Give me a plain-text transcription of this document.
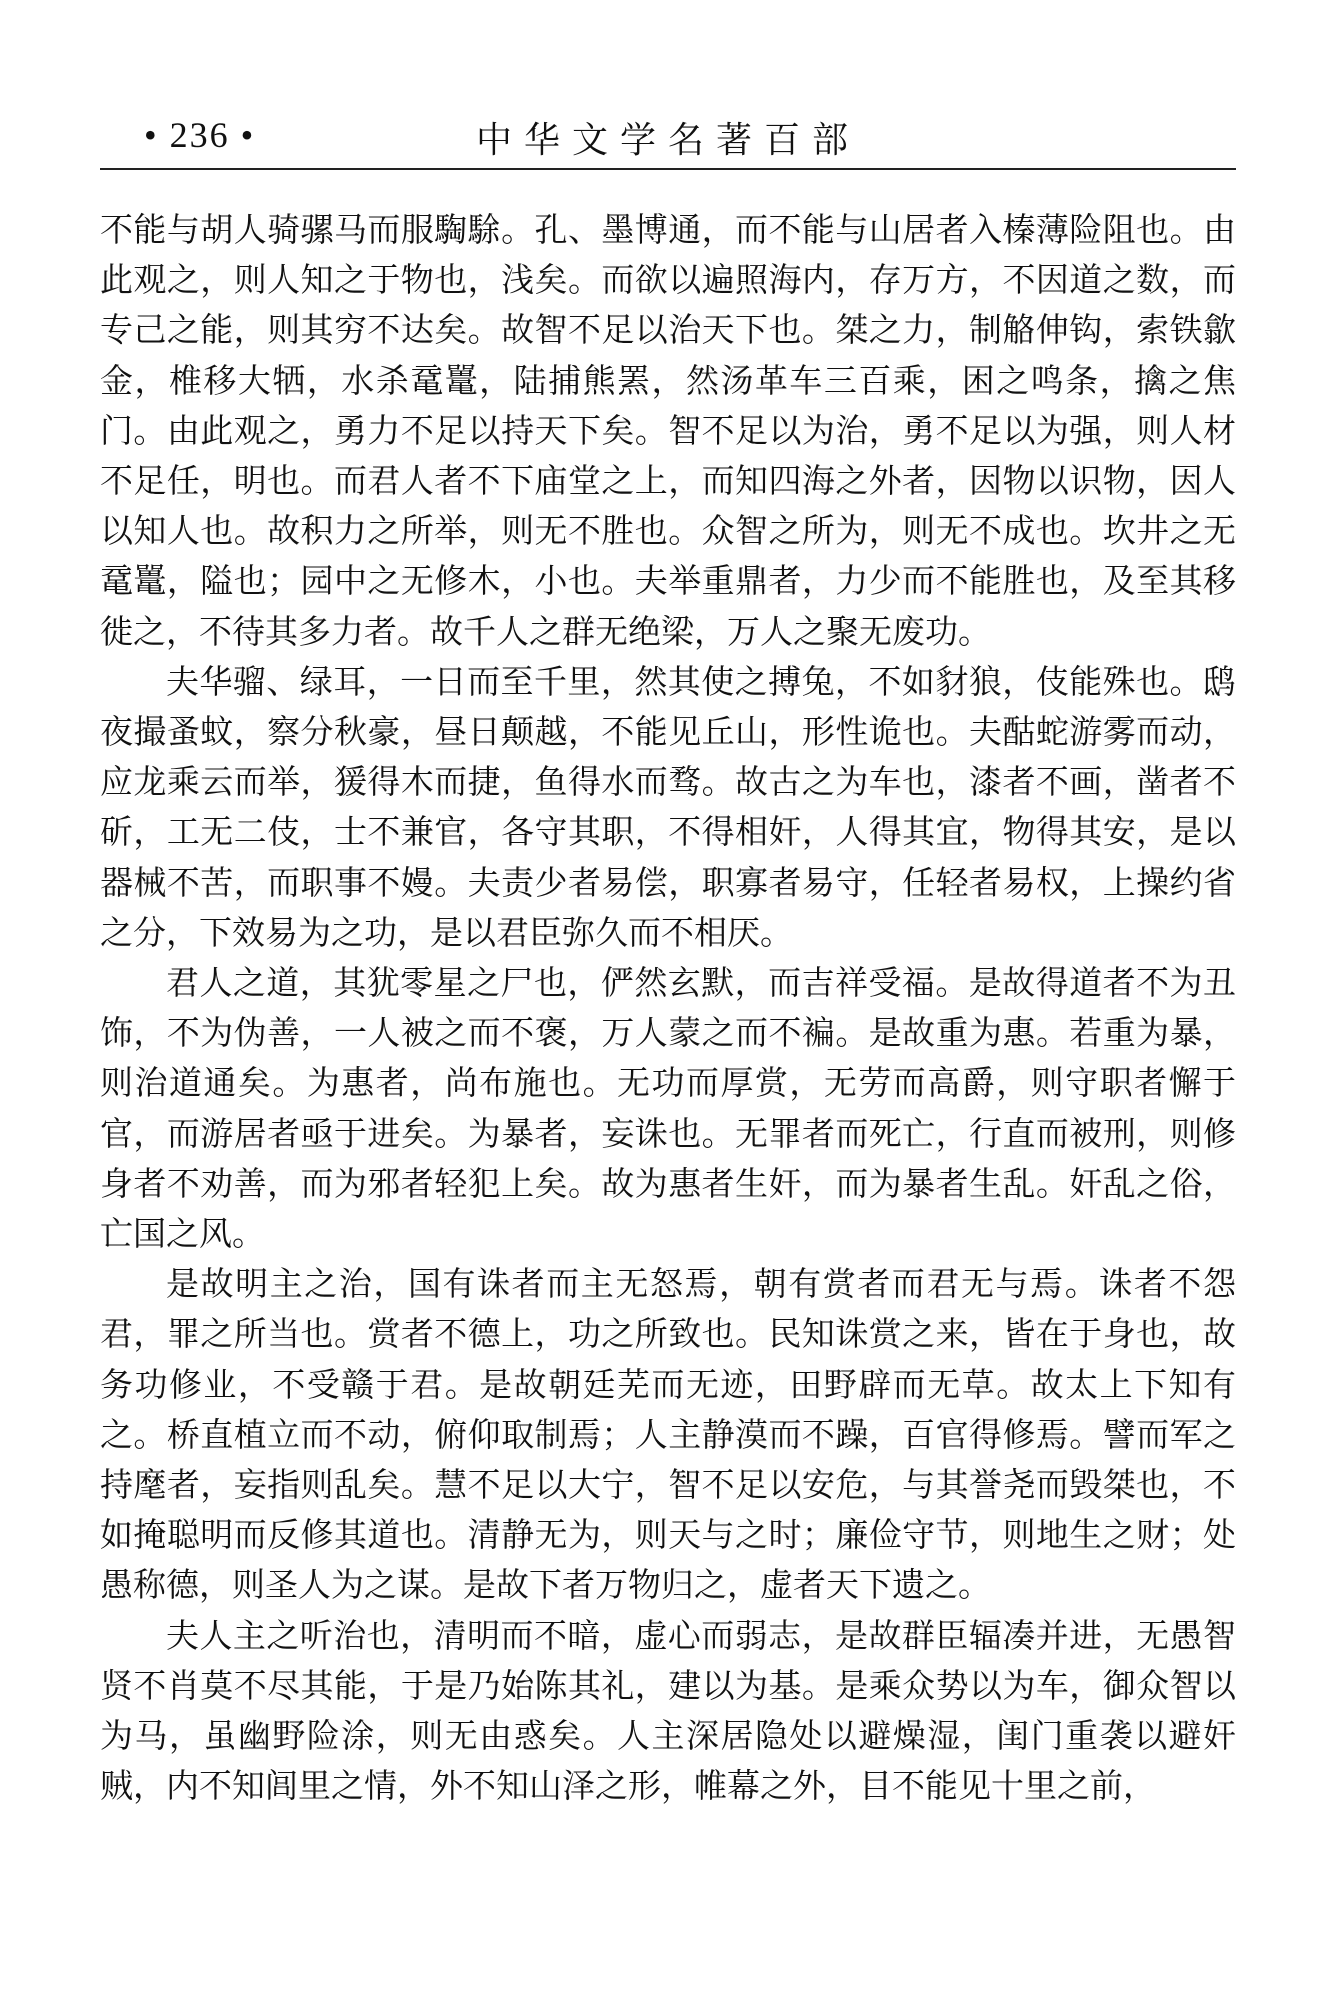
• 236 •	中华文学名著百部

不能与胡人骑骡马而服騊駼。孔、墨博通，而不能与山居者入榛薄险阻也。由此观之，则人知之于物也，浅矣。而欲以遍照海内，存万方，不因道之数，而专己之能，则其穷不达矣。故智不足以治天下也。桀之力，制觡伸钩，索铁歙金，椎移大牺，水杀鼋鼍，陆捕熊罴，然汤革车三百乘，困之鸣条，擒之焦门。由此观之，勇力不足以持天下矣。智不足以为治，勇不足以为强，则人材不足任，明也。而君人者不下庙堂之上，而知四海之外者，因物以识物，因人以知人也。故积力之所举，则无不胜也。众智之所为，则无不成也。坎井之无鼋鼍，隘也；园中之无修木，小也。夫举重鼎者，力少而不能胜也，及至其移徙之，不待其多力者。故千人之群无绝梁，万人之聚无废功。

夫华骝、绿耳，一日而至千里，然其使之搏兔，不如豺狼，伎能殊也。鸱夜撮蚤蚊，察分秋豪，昼日颠越，不能见丘山，形性诡也。夫酤蛇游雾而动，应龙乘云而举，猨得木而捷，鱼得水而骛。故古之为车也，漆者不画，凿者不斫，工无二伎，士不兼官，各守其职，不得相奸，人得其宜，物得其安，是以器械不苦，而职事不嫚。夫责少者易偿，职寡者易守，任轻者易权，上操约省之分，下效易为之功，是以君臣弥久而不相厌。

君人之道，其犹零星之尸也，俨然玄默，而吉祥受福。是故得道者不为丑饰，不为伪善，一人被之而不褒，万人蒙之而不褊。是故重为惠。若重为暴，则治道通矣。为惠者，尚布施也。无功而厚赏，无劳而高爵，则守职者懈于官，而游居者亟于进矣。为暴者，妄诛也。无罪者而死亡，行直而被刑，则修身者不劝善，而为邪者轻犯上矣。故为惠者生奸，而为暴者生乱。奸乱之俗，亡国之风。

是故明主之治，国有诛者而主无怒焉，朝有赏者而君无与焉。诛者不怨君，罪之所当也。赏者不德上，功之所致也。民知诛赏之来，皆在于身也，故务功修业，不受赣于君。是故朝廷芜而无迹，田野辟而无草。故太上下知有之。桥直植立而不动，俯仰取制焉；人主静漠而不躁，百官得修焉。譬而军之持麾者，妄指则乱矣。慧不足以大宁，智不足以安危，与其誉尧而毁桀也，不如掩聪明而反修其道也。清静无为，则天与之时；廉俭守节，则地生之财；处愚称德，则圣人为之谋。是故下者万物归之，虚者天下遗之。

夫人主之听治也，清明而不暗，虚心而弱志，是故群臣辐凑并进，无愚智贤不肖莫不尽其能，于是乃始陈其礼，建以为基。是乘众势以为车，御众智以为马，虽幽野险涂，则无由惑矣。人主深居隐处以避燥湿，闺门重袭以避奸贼，内不知闾里之情，外不知山泽之形，帷幕之外，目不能见十里之前，
